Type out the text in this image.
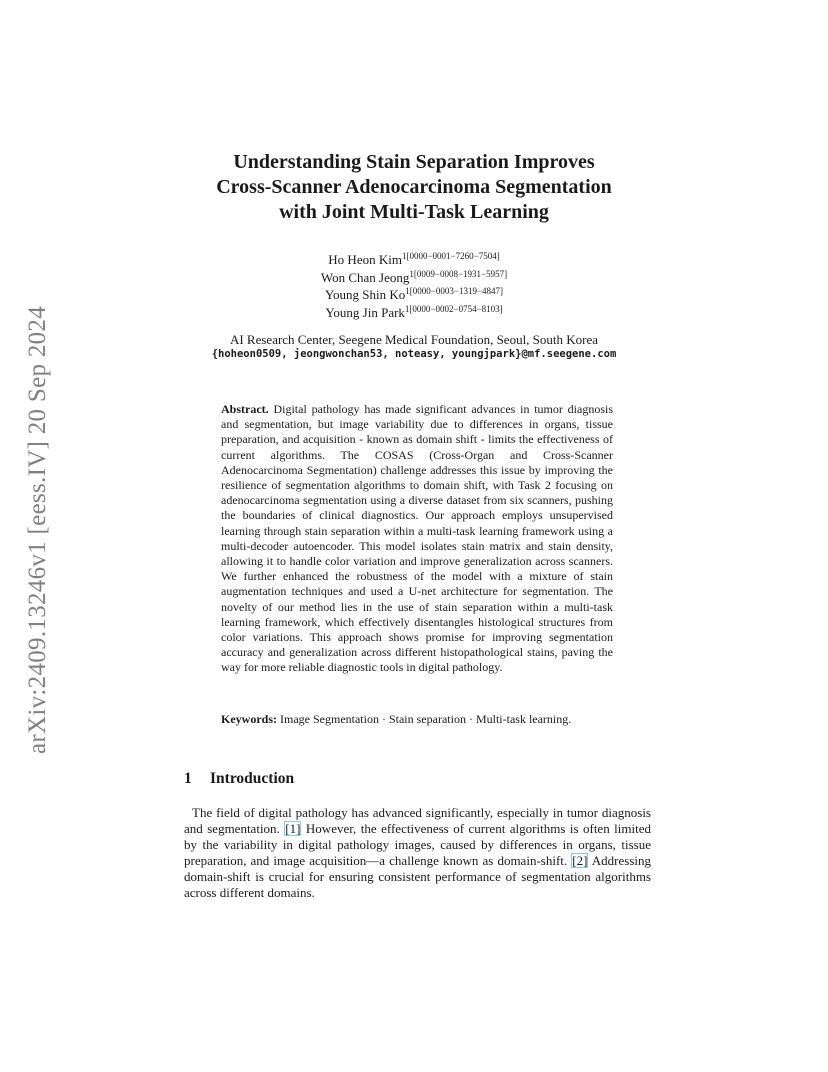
arXiv:2409.13246v1 [eess.IV] 20 Sep 2024
Understanding Stain Separation Improves
Cross-Scanner Adenocarcinoma Segmentation
with Joint Multi-Task Learning
Ho Heon Kim$^{1[0000-0001-7260-7504]}$
Won Chan Jeong$^{1[0009-0008-1931-5957]}$
Young Shin $Ko^{1[0000-0003-1319-4847]}$
Young Jin Park$^{1[0000-0002-0754-8103]}$
AI Research Center, Seegene Medical Foundation, Seoul, South Korea
{hoheon0509, jeongwonchan53, noteasy, youngjpark}@mf.seegene.com
Abstract. Digital pathology has made significant advances in tumor diagnosis and segmentation, but image variability due to differences in organs, tissue preparation, and acquisition - known as domain shift - limits the effectiveness of current algorithms. The COSAS (Cross-Organ and Cross-Scanner Adenocarcinoma Segmentation) challenge addresses this issue by improving the resilience of segmentation algorithms to domain shift, with Task 2 focusing on adenocarcinoma segmentation using a diverse dataset from six scanners, pushing the boundaries of clinical diagnostics. Our approach employs unsupervised learning through stain separation within a multi-task learning framework using a multi-decoder autoencoder. This model isolates stain matrix and stain density, allowing it to handle color variation and improve generalization across scanners. We further enhanced the robustness of the model with a mixture of stain augmentation techniques and used a U-net architecture for segmentation. The novelty of our method lies in the use of stain separation within a multi-task learning framework, which effectively disentangles histological structures from color variations. This approach shows promise for improving segmentation accuracy and generalization across different histopathological stains, paving the way for more reliable diagnostic tools in digital pathology.
Keywords: Image Segmentation · Stain separation · Multi-task learning.
1 Introduction
The field of digital pathology has advanced significantly, especially in tumor diagnosis and segmentation. [1] However, the effectiveness of current algorithms is often limited by the variability in digital pathology images, caused by differences in organs, tissue preparation, and image acquisition—a challenge known as domain-shift. [2] Addressing domain-shift is crucial for ensuring consistent performance of segmentation algorithms across different domains.
